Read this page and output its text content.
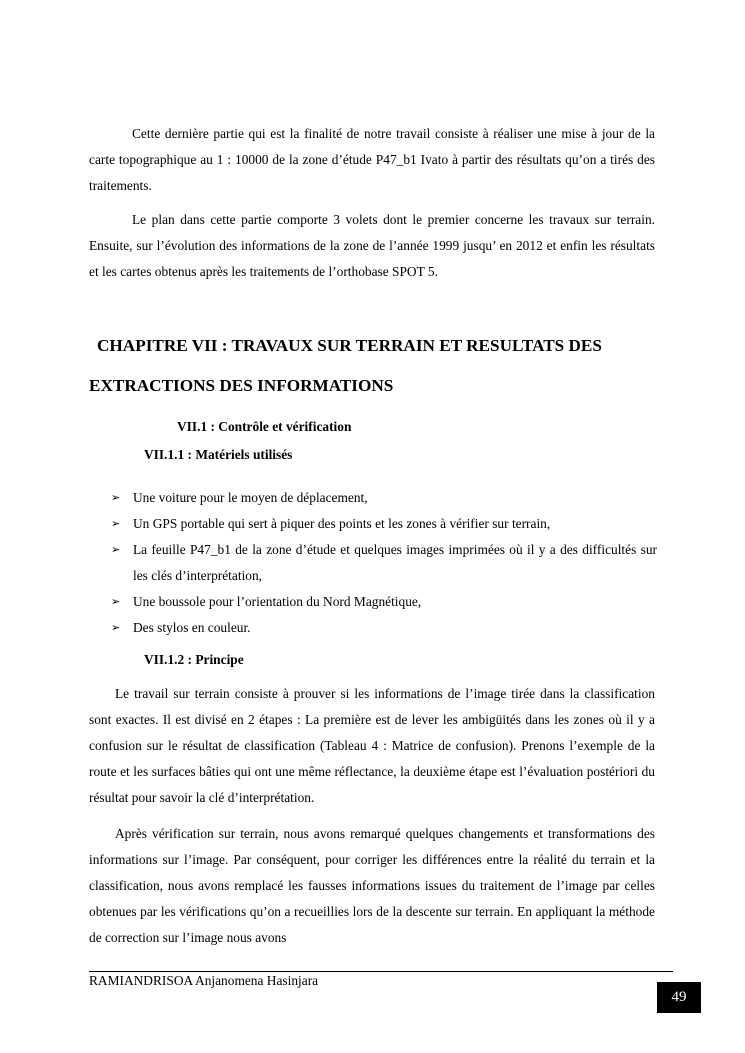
Cette dernière partie qui est la finalité de notre travail consiste à réaliser une mise à jour de la carte topographique au 1 : 10000 de la zone d’étude P47_b1 Ivato à partir des résultats qu’on a tirés des traitements.

Le plan dans cette partie comporte 3 volets dont le premier concerne les travaux sur terrain. Ensuite, sur l’évolution des informations de la zone de l’année 1999 jusqu’ en 2012 et enfin les résultats et les cartes obtenus après les traitements de l’orthobase SPOT 5.

CHAPITRE VII : TRAVAUX SUR TERRAIN ET RESULTATS DES

EXTRACTIONS DES INFORMATIONS

VII.1 : Contrôle et vérification

VII.1.1 : Matériels utilisés

➢ Une voiture pour le moyen de déplacement,
➢ Un GPS portable qui sert à piquer des points et les zones à vérifier sur terrain,
➢ La feuille P47_b1 de la zone d’étude et quelques images imprimées où il y a des difficultés sur les clés d’interprétation,
➢ Une boussole pour l’orientation du Nord Magnétique,
➢ Des stylos en couleur.

VII.1.2 : Principe

Le travail sur terrain consiste à prouver si les informations de l’image tirée dans la classification sont exactes. Il est divisé en 2 étapes : La première est de lever les ambigüités dans les zones où il y a confusion sur le résultat de classification (Tableau 4 : Matrice de confusion). Prenons l’exemple de la route et les surfaces bâties qui ont une même réflectance, la deuxième étape est l’évaluation postériori du résultat pour savoir la clé d’interprétation.

Après vérification sur terrain, nous avons remarqué quelques changements et transformations des informations sur l’image. Par conséquent, pour corriger les différences entre la réalité du terrain et la classification, nous avons remplacé les fausses informations issues du traitement de l’image par celles obtenues par les vérifications qu’on a recueillies lors de la descente sur terrain. En appliquant la méthode de correction sur l’image nous avons

RAMIANDRISOA Anjanomena Hasinjara
49
